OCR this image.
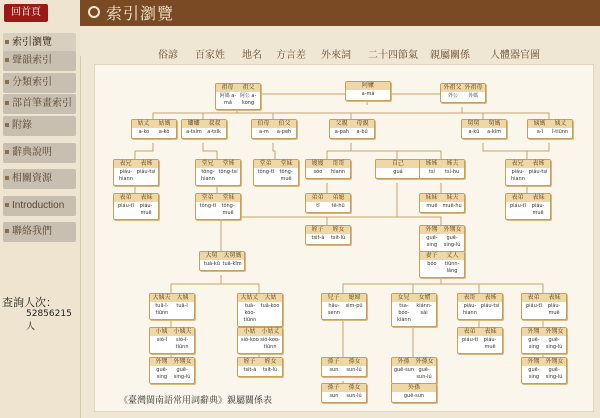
回首頁
索引瀏覽
聲韻索引
分類索引
部首筆畫索引
附錄
辭典說明
相關資源
Introduction
聯絡我們
查詢人次：
52856215人
索引瀏覽
俗諺 百家姓 地名 方言差 外來詞 二十四節氣 親屬關係 人體器官圖
《臺灣閩南語常用詞辭典》親屬關係表
阿嬤
a-má
祖母 祖父
阿媽 a-má阿公 a-kong
外祖父 外祖母
外公 外媽
姑丈 姑媽
a-ko a-kô
嬸嬸 叔叔
a-tsím a-tsik
伯母 伯父
a-m a-peh
父親 母親
a-pah a-bú
舅舅 舅媽
a-kū a-kīm
姨媽 姨丈
a-î î-tiūnn
表兄 表姊
piáu-hiannpiáu-tsí
堂兄 堂姊
tông-hianntông-tsí
堂弟 堂妹
tông-tī tông-muē
嫂嫂 哥哥
sóo hiann
自己
guá
姊姊 姊夫
tsí tsí-hu
表兄 表姊
piáu-hiannpiáu-tsí
表弟 表妹
piáu-tī piáu-muē
堂弟 堂妹
tông-tī tông-muē
弟弟 弟媳
tī tē-hū
妹妹 妹夫
muē muē-hu
表弟 表妹
piáu-tī piáu-muē
姪子 姪女
tsit-á tsit-lú
外甥 外甥女
guē-singguē-sing-lú
大舅 大舅媽
tuā-kū tuā-kīm
妻子 丈人
bóo tiūnn-lâng
大姨夫 大姨
tuā-î-tiūnntuā-î
大姑丈 大姑
tuā-kóo-tiūnntuā-koo
兒子 媳婦
hāu-sennsim-pū
女兒 女婿
tsa-bóo-kiánnkiánn-sài
表哥 表姊
piáu-hiannpiáu-tsí
表弟 表妹
piáu-tī piáu-muē
小姨 小姨夫
sió-î sió-î-tiūnn
小姑 小姑丈
sió-koosió-koo-tiūnn
表弟 表妹
piáu-tī piáu-muē
外甥 外甥女
guē-singguē-sing-lú
外甥 外甥女
guē-singguē-sing-lú
姪子 姪女
tsit-á tsit-lú
孫子 孫女
sun sun-lú
外孫 外孫女
guē-sun guē-sun-lú
外甥 外甥女
guē-singguē-sing-lú
孫子 孫女
sun sun-lú
外孫
guē-sun
